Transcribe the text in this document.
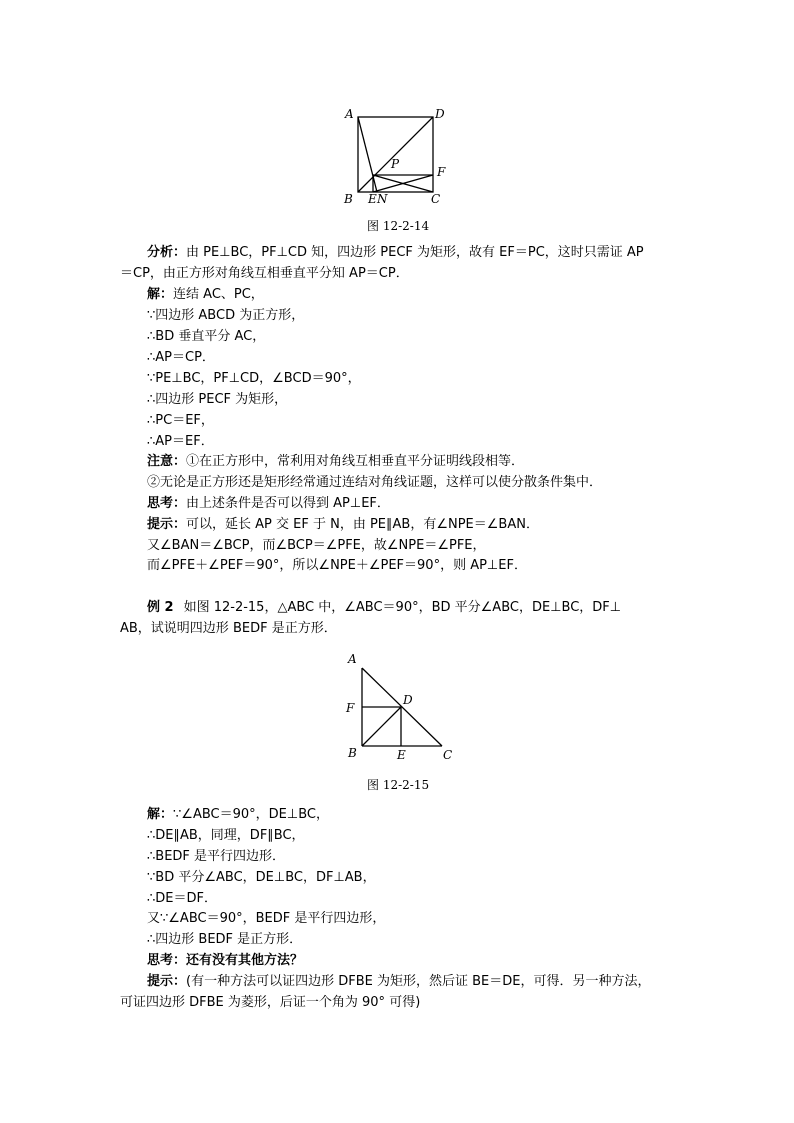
A	D
P
F
B E N	C
图 12-2-14
分析：由 PE⊥BC，PF⊥CD 知，四边形 PECF 为矩形，故有 EF＝PC，这时只需证 AP
＝CP，由正方形对角线互相垂直平分知 AP＝CP．
解：连结 AC、PC，
∵四边形 ABCD 为正方形，
∴BD 垂直平分 AC，
∴AP＝CP．
∵PE⊥BC，PF⊥CD，∠BCD＝90°，
∴四边形 PECF 为矩形，
∴PC＝EF，
∴AP＝EF．
注意：①在正方形中，常利用对角线互相垂直平分证明线段相等．
②无论是正方形还是矩形经常通过连结对角线证题，这样可以使分散条件集中．
思考：由上述条件是否可以得到 AP⊥EF．
提示：可以，延长 AP 交 EF 于 N，由 PE∥AB，有∠NPE＝∠BAN．
又∠BAN＝∠BCP，而∠BCP＝∠PFE，故∠NPE＝∠PFE，
而∠PFE＋∠PEF＝90°，所以∠NPE＋∠PEF＝90°，则 AP⊥EF．
例 2 如图 12-2-15，△ABC 中，∠ABC＝90°，BD 平分∠ABC，DE⊥BC，DF⊥
AB，试说明四边形 BEDF 是正方形．
A
D
F
B	E	C
图 12-2-15
解：∵∠ABC＝90°，DE⊥BC，
∴DE∥AB，同理，DF∥BC，
∴BEDF 是平行四边形．
∵BD 平分∠ABC，DE⊥BC，DF⊥AB，
∴DE＝DF．
又∵∠ABC＝90°，BEDF 是平行四边形，
∴四边形 BEDF 是正方形．
思考：还有没有其他方法？
提示：(有一种方法可以证四边形 DFBE 为矩形，然后证 BE＝DE，可得．另一种方法，
可证四边形 DFBE 为菱形，后证一个角为 90° 可得)
